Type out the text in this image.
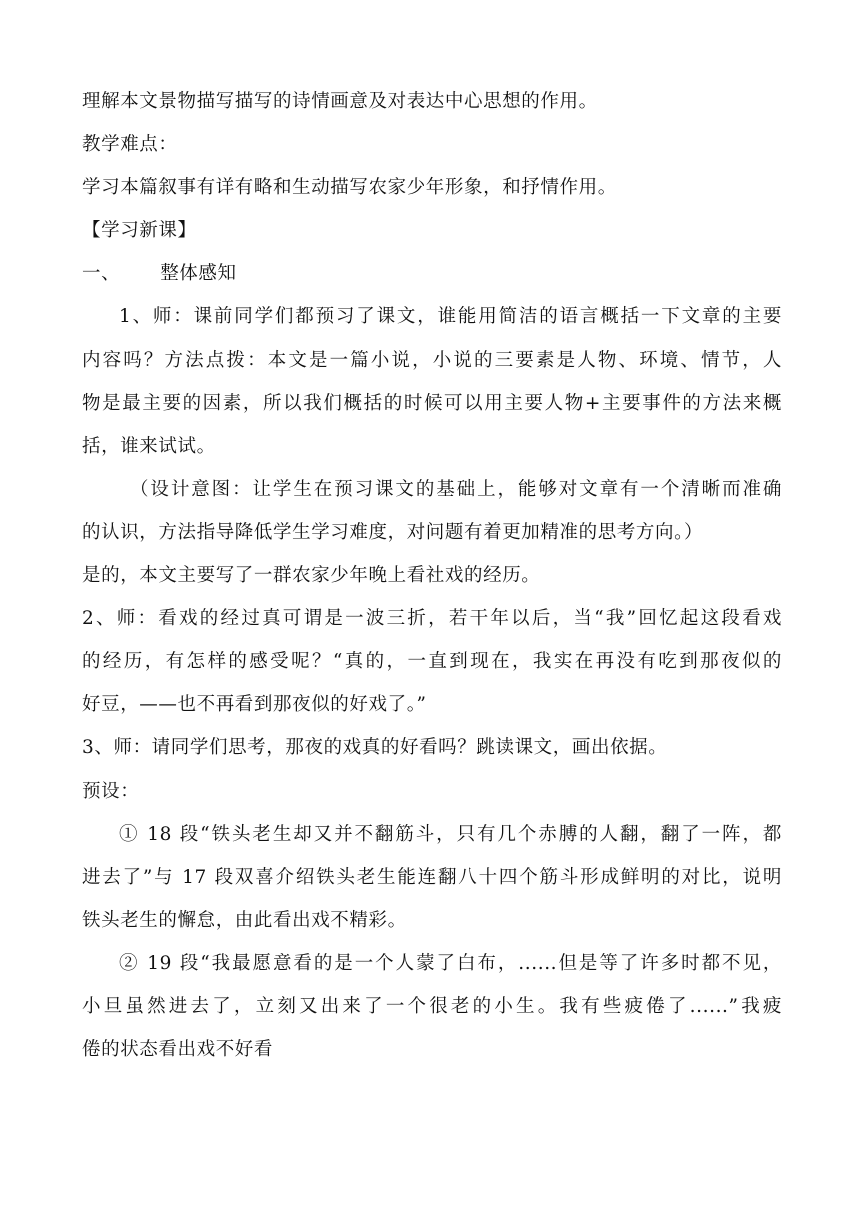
理解本文景物描写描写的诗情画意及对表达中心思想的作用。
教学难点：
学习本篇叙事有详有略和生动描写农家少年形象，和抒情作用。
【学习新课】
一、 整体感知
1、师：课前同学们都预习了课文，谁能用简洁的语言概括一下文章的主要
内容吗？方法点拨：本文是一篇小说，小说的三要素是人物、环境、情节，人
物是最主要的因素，所以我们概括的时候可以用主要人物+主要事件的方法来概
括，谁来试试。
（设计意图：让学生在预习课文的基础上，能够对文章有一个清晰而准确
的认识，方法指导降低学生学习难度，对问题有着更加精准的思考方向。）
是的，本文主要写了一群农家少年晚上看社戏的经历。
2、师：看戏的经过真可谓是一波三折，若干年以后，当“我”回忆起这段看戏
的经历，有怎样的感受呢？“真的，一直到现在，我实在再没有吃到那夜似的
好豆，——也不再看到那夜似的好戏了。”
3、师：请同学们思考，那夜的戏真的好看吗？跳读课文，画出依据。
预设：
① 18 段“铁头老生却又并不翻筋斗，只有几个赤膊的人翻，翻了一阵，都
进去了”与 17 段双喜介绍铁头老生能连翻八十四个筋斗形成鲜明的对比，说明
铁头老生的懈怠，由此看出戏不精彩。
② 19 段“我最愿意看的是一个人蒙了白布，......但是等了许多时都不见，
小旦虽然进去了，立刻又出来了一个很老的小生。我有些疲倦了......”我疲
倦的状态看出戏不好看
